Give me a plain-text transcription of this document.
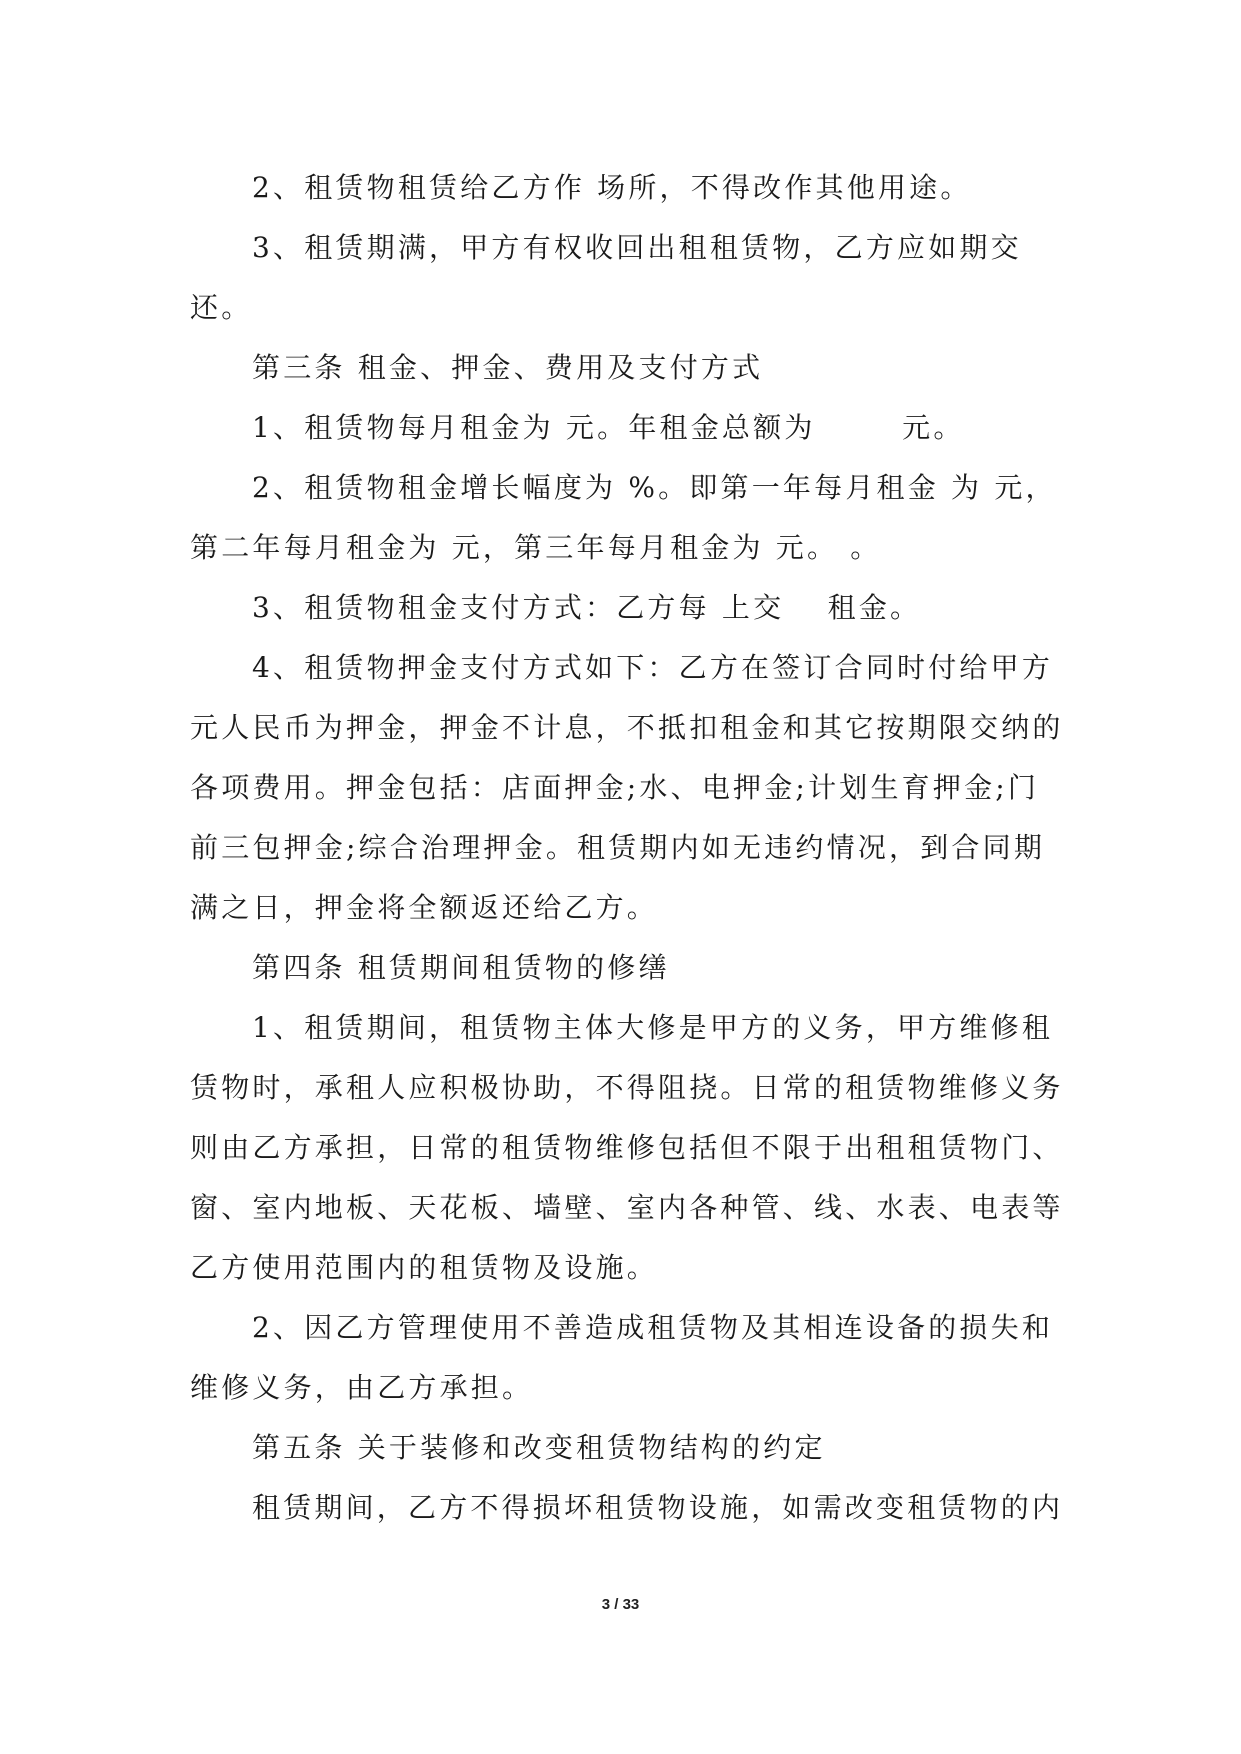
2、租赁物租赁给乙方作 场所，不得改作其他用途。

3、租赁期满，甲方有权收回出租租赁物，乙方应如期交还。

第三条 租金、押金、费用及支付方式

1、租赁物每月租金为 元。年租金总额为 　　 元。

2、租赁物租金增长幅度为 %。即第一年每月租金 为 元，第二年每月租金为 元，第三年每月租金为 元。 。

3、租赁物租金支付方式：乙方每 上交 　租金。

4、租赁物押金支付方式如下：乙方在签订合同时付给甲方 元人民币为押金，押金不计息，不抵扣租金和其它按期限交纳的各项费用。押金包括：店面押金;水、电押金;计划生育押金;门前三包押金;综合治理押金。租赁期内如无违约情况，到合同期满之日，押金将全额返还给乙方。

第四条 租赁期间租赁物的修缮

1、租赁期间，租赁物主体大修是甲方的义务，甲方维修租赁物时，承租人应积极协助，不得阻挠。日常的租赁物维修义务则由乙方承担，日常的租赁物维修包括但不限于出租租赁物门、窗、室内地板、天花板、墙壁、室内各种管、线、水表、电表等乙方使用范围内的租赁物及设施。

2、因乙方管理使用不善造成租赁物及其相连设备的损失和维修义务，由乙方承担。

第五条 关于装修和改变租赁物结构的约定

租赁期间，乙方不得损坏租赁物设施，如需改变租赁物的内

3 / 33
